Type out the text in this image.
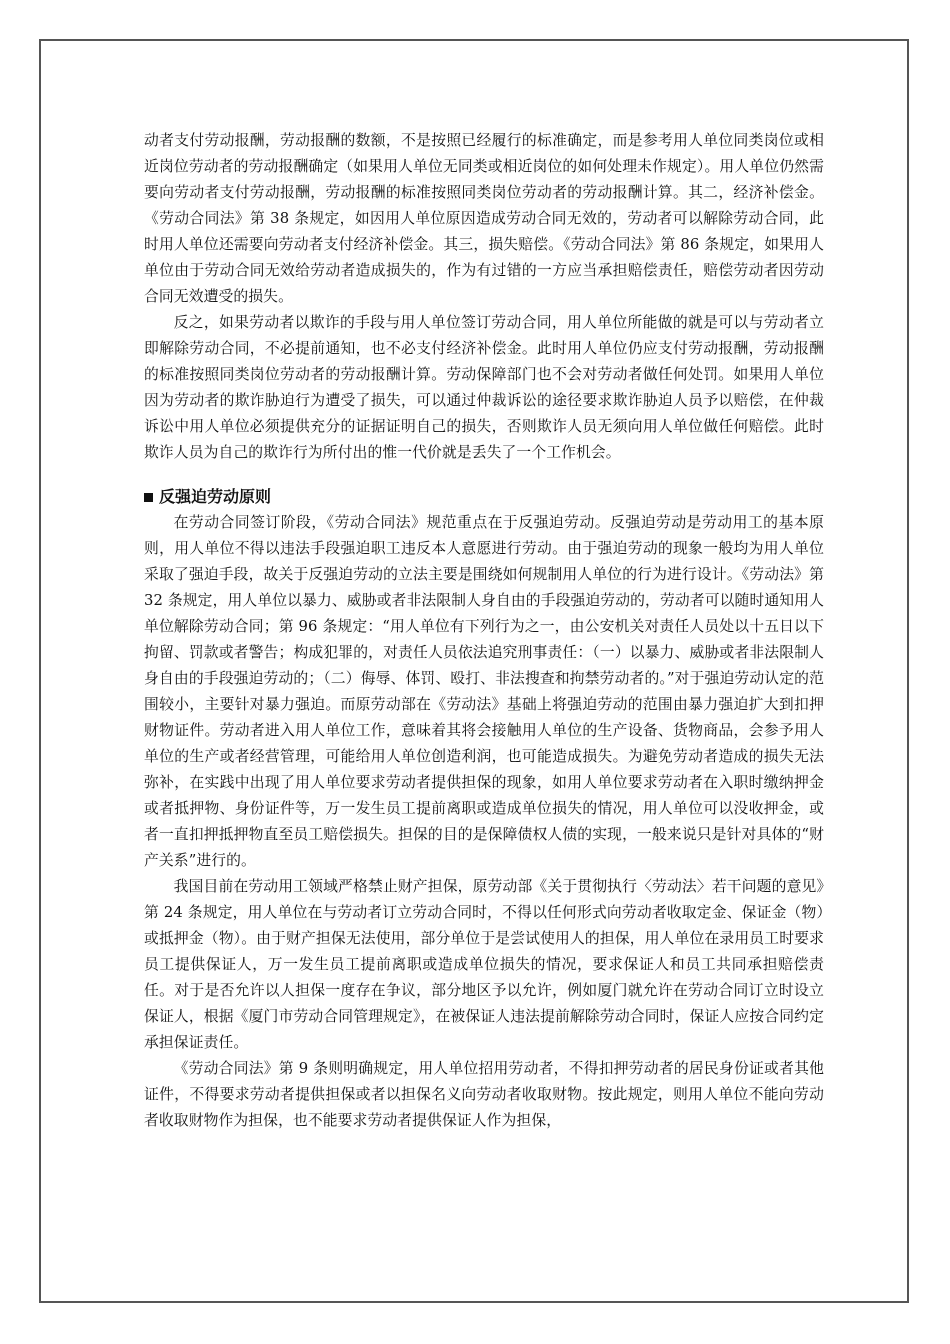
动者支付劳动报酬，劳动报酬的数额，不是按照已经履行的标准确定，而是参考用人单位同类岗位或相近岗位劳动者的劳动报酬确定（如果用人单位无同类或相近岗位的如何处理未作规定）。用人单位仍然需要向劳动者支付劳动报酬，劳动报酬的标准按照同类岗位劳动者的劳动报酬计算。其二，经济补偿金。《劳动合同法》第 38 条规定，如因用人单位原因造成劳动合同无效的，劳动者可以解除劳动合同，此时用人单位还需要向劳动者支付经济补偿金。其三，损失赔偿。《劳动合同法》第 86 条规定，如果用人单位由于劳动合同无效给劳动者造成损失的，作为有过错的一方应当承担赔偿责任，赔偿劳动者因劳动合同无效遭受的损失。

反之，如果劳动者以欺诈的手段与用人单位签订劳动合同，用人单位所能做的就是可以与劳动者立即解除劳动合同，不必提前通知，也不必支付经济补偿金。此时用人单位仍应支付劳动报酬，劳动报酬的标准按照同类岗位劳动者的劳动报酬计算。劳动保障部门也不会对劳动者做任何处罚。如果用人单位因为劳动者的欺诈胁迫行为遭受了损失，可以通过仲裁诉讼的途径要求欺诈胁迫人员予以赔偿，在仲裁诉讼中用人单位必须提供充分的证据证明自己的损失，否则欺诈人员无须向用人单位做任何赔偿。此时欺诈人员为自己的欺诈行为所付出的惟一代价就是丢失了一个工作机会。

反强迫劳动原则

在劳动合同签订阶段，《劳动合同法》规范重点在于反强迫劳动。反强迫劳动是劳动用工的基本原则，用人单位不得以违法手段强迫职工违反本人意愿进行劳动。由于强迫劳动的现象一般均为用人单位采取了强迫手段，故关于反强迫劳动的立法主要是围绕如何规制用人单位的行为进行设计。《劳动法》第 32 条规定，用人单位以暴力、威胁或者非法限制人身自由的手段强迫劳动的，劳动者可以随时通知用人单位解除劳动合同；第 96 条规定：“用人单位有下列行为之一，由公安机关对责任人员处以十五日以下拘留、罚款或者警告；构成犯罪的，对责任人员依法追究刑事责任：（一）以暴力、威胁或者非法限制人身自由的手段强迫劳动的；（二）侮辱、体罚、殴打、非法搜查和拘禁劳动者的。”对于强迫劳动认定的范围较小，主要针对暴力强迫。而原劳动部在《劳动法》基础上将强迫劳动的范围由暴力强迫扩大到扣押财物证件。劳动者进入用人单位工作，意味着其将会接触用人单位的生产设备、货物商品，会参予用人单位的生产或者经营管理，可能给用人单位创造利润，也可能造成损失。为避免劳动者造成的损失无法弥补，在实践中出现了用人单位要求劳动者提供担保的现象，如用人单位要求劳动者在入职时缴纳押金或者抵押物、身份证件等，万一发生员工提前离职或造成单位损失的情况，用人单位可以没收押金，或者一直扣押抵押物直至员工赔偿损失。担保的目的是保障债权人债的实现，一般来说只是针对具体的“财产关系”进行的。

我国目前在劳动用工领域严格禁止财产担保，原劳动部《关于贯彻执行〈劳动法〉若干问题的意见》第 24 条规定，用人单位在与劳动者订立劳动合同时，不得以任何形式向劳动者收取定金、保证金（物）或抵押金（物）。由于财产担保无法使用，部分单位于是尝试使用人的担保，用人单位在录用员工时要求员工提供保证人，万一发生员工提前离职或造成单位损失的情况，要求保证人和员工共同承担赔偿责任。对于是否允许以人担保一度存在争议，部分地区予以允许，例如厦门就允许在劳动合同订立时设立保证人，根据《厦门市劳动合同管理规定》，在被保证人违法提前解除劳动合同时，保证人应按合同约定承担保证责任。

《劳动合同法》第 9 条则明确规定，用人单位招用劳动者，不得扣押劳动者的居民身份证或者其他证件，不得要求劳动者提供担保或者以担保名义向劳动者收取财物。按此规定，则用人单位不能向劳动者收取财物作为担保，也不能要求劳动者提供保证人作为担保，
